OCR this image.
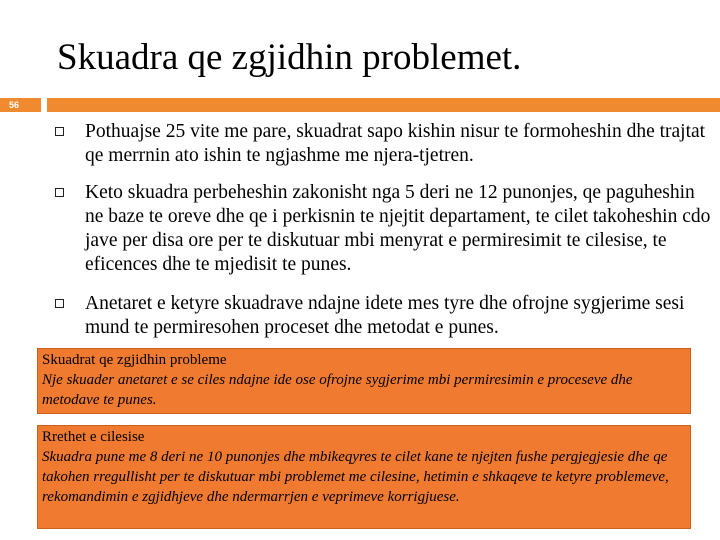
Skuadra qe zgjidhin problemet.
56
Pothuajse 25 vite me pare, skuadrat sapo kishin nisur te formoheshin dhe trajtat qe merrnin ato ishin te ngjashme me njera-tjetren.
Keto skuadra perbeheshin zakonisht nga 5 deri ne 12 punonjes, qe paguheshin ne baze te oreve dhe qe i perkisnin te njejtit departament, te cilet takoheshin cdo jave per disa ore per te diskutuar mbi menyrat e permiresimit te cilesise, te eficences dhe te mjedisit te punes.
Anetaret e ketyre skuadrave ndajne idete mes tyre dhe ofrojne sygjerime sesi mund te permiresohen proceset dhe metodat e punes.
Skuadrat qe zgjidhin probleme
Nje skuader anetaret e se ciles ndajne ide ose ofrojne sygjerime mbi permiresimin e proceseve dhe metodave te punes.
Rrethet e cilesise
Skuadra pune me 8 deri ne 10 punonjes dhe mbikeqyres te cilet kane te njejten fushe pergjegjesie dhe qe takohen rregullisht per te diskutuar mbi problemet me cilesine, hetimin e shkaqeve te ketyre problemeve, rekomandimin e zgjidhjeve dhe ndermarrjen e veprimeve korrigjuese.
